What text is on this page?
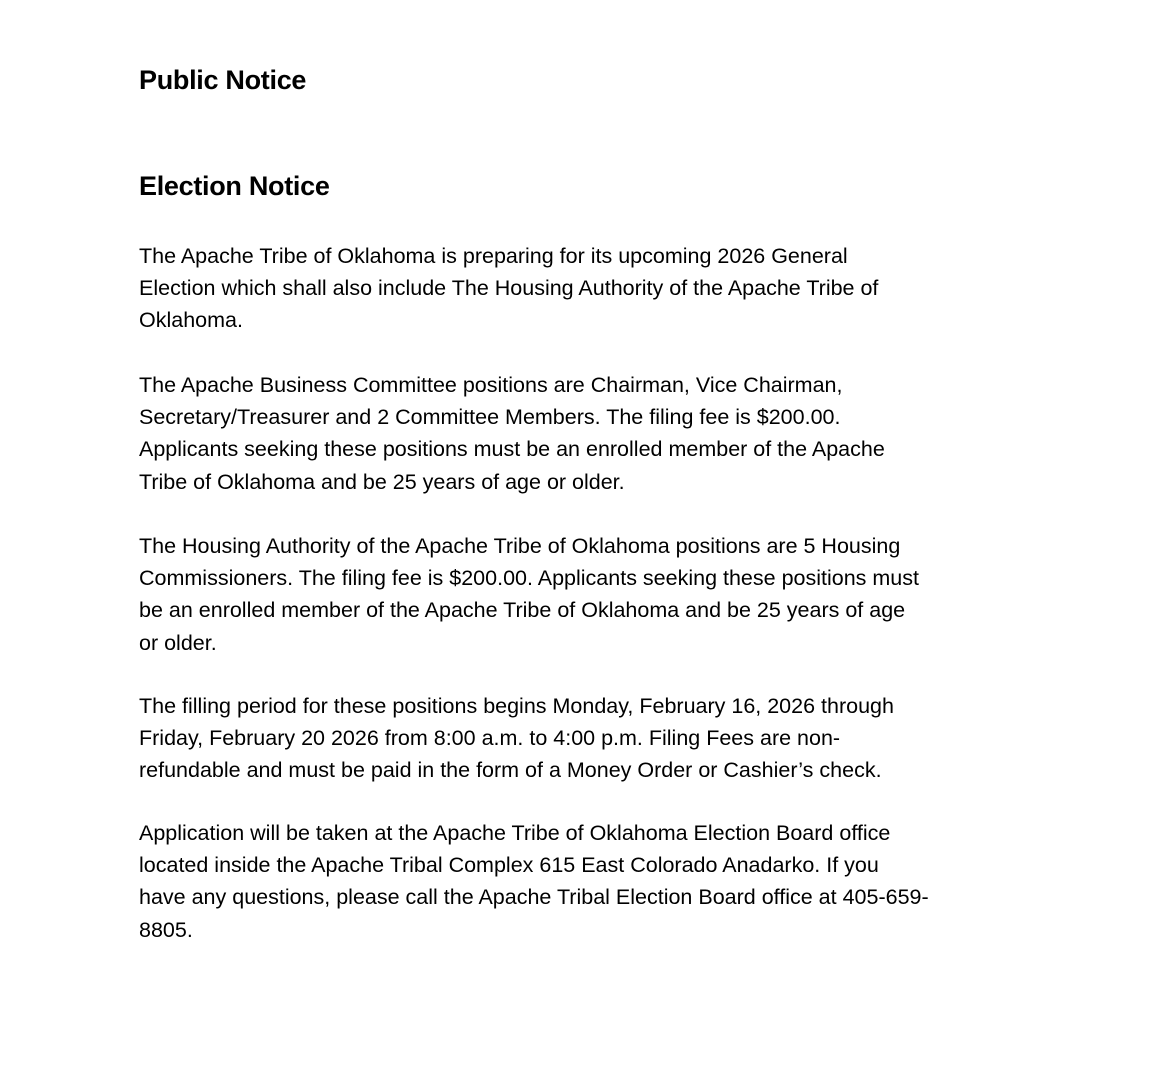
Public Notice
Election Notice

The Apache Tribe of Oklahoma is preparing for its upcoming 2026 General
Election which shall also include The Housing Authority of the Apache Tribe of
Oklahoma.

The Apache Business Committee positions are Chairman, Vice Chairman,
Secretary/Treasurer and 2 Committee Members. The filing fee is $200.00.
Applicants seeking these positions must be an enrolled member of the Apache
Tribe of Oklahoma and be 25 years of age or older.

The Housing Authority of the Apache Tribe of Oklahoma positions are 5 Housing
Commissioners. The filing fee is $200.00. Applicants seeking these positions must
be an enrolled member of the Apache Tribe of Oklahoma and be 25 years of age
or older.

The filling period for these positions begins Monday, February 16, 2026 through
Friday, February 20 2026 from 8:00 a.m. to 4:00 p.m. Filing Fees are non-
refundable and must be paid in the form of a Money Order or Cashier’s check.

Application will be taken at the Apache Tribe of Oklahoma Election Board office
located inside the Apache Tribal Complex 615 East Colorado Anadarko. If you
have any questions, please call the Apache Tribal Election Board office at 405-659-
8805.
